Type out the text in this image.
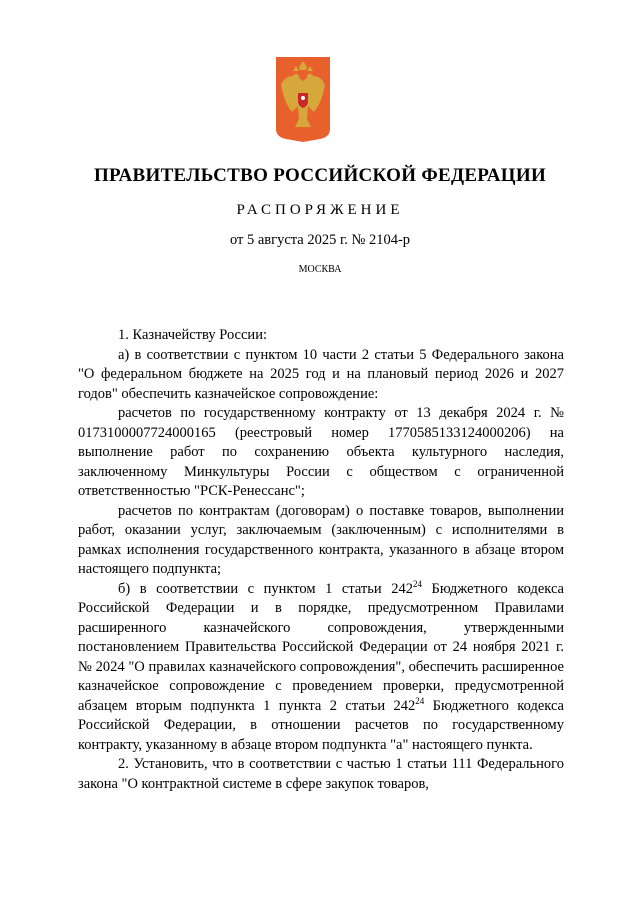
ПРАВИТЕЛЬСТВО РОССИЙСКОЙ ФЕДЕРАЦИИ
РАСПОРЯЖЕНИЕ
от 5 августа 2025 г. № 2104-р
МОСКВА

1. Казначейству России:

а) в соответствии с пунктом 10 части 2 статьи 5 Федерального закона "О федеральном бюджете на 2025 год и на плановый период 2026 и 2027 годов" обеспечить казначейское сопровождение:

расчетов по государственному контракту от 13 декабря 2024 г. № 0173100007724000165 (реестровый номер 1770585133124000206) на выполнение работ по сохранению объекта культурного наследия, заключенному Минкультуры России с обществом с ограниченной ответственностью "РСК-Ренессанс";

расчетов по контрактам (договорам) о поставке товаров, выполнении работ, оказании услуг, заключаемым (заключенным) с исполнителями в рамках исполнения государственного контракта, указанного в абзаце втором настоящего подпункта;

б) в соответствии с пунктом 1 статьи $242^{24}$ Бюджетного кодекса Российской Федерации и в порядке, предусмотренном Правилами расширенного казначейского сопровождения, утвержденными постановлением Правительства Российской Федерации от 24 ноября 2021 г. № 2024 "О правилах казначейского сопровождения", обеспечить расширенное казначейское сопровождение с проведением проверки, предусмотренной абзацем вторым подпункта 1 пункта 2 статьи $242^{24}$ Бюджетного кодекса Российской Федерации, в отношении расчетов по государственному контракту, указанному в абзаце втором подпункта "а" настоящего пункта.

2. Установить, что в соответствии с частью 1 статьи 111 Федерального закона "О контрактной системе в сфере закупок товаров,
